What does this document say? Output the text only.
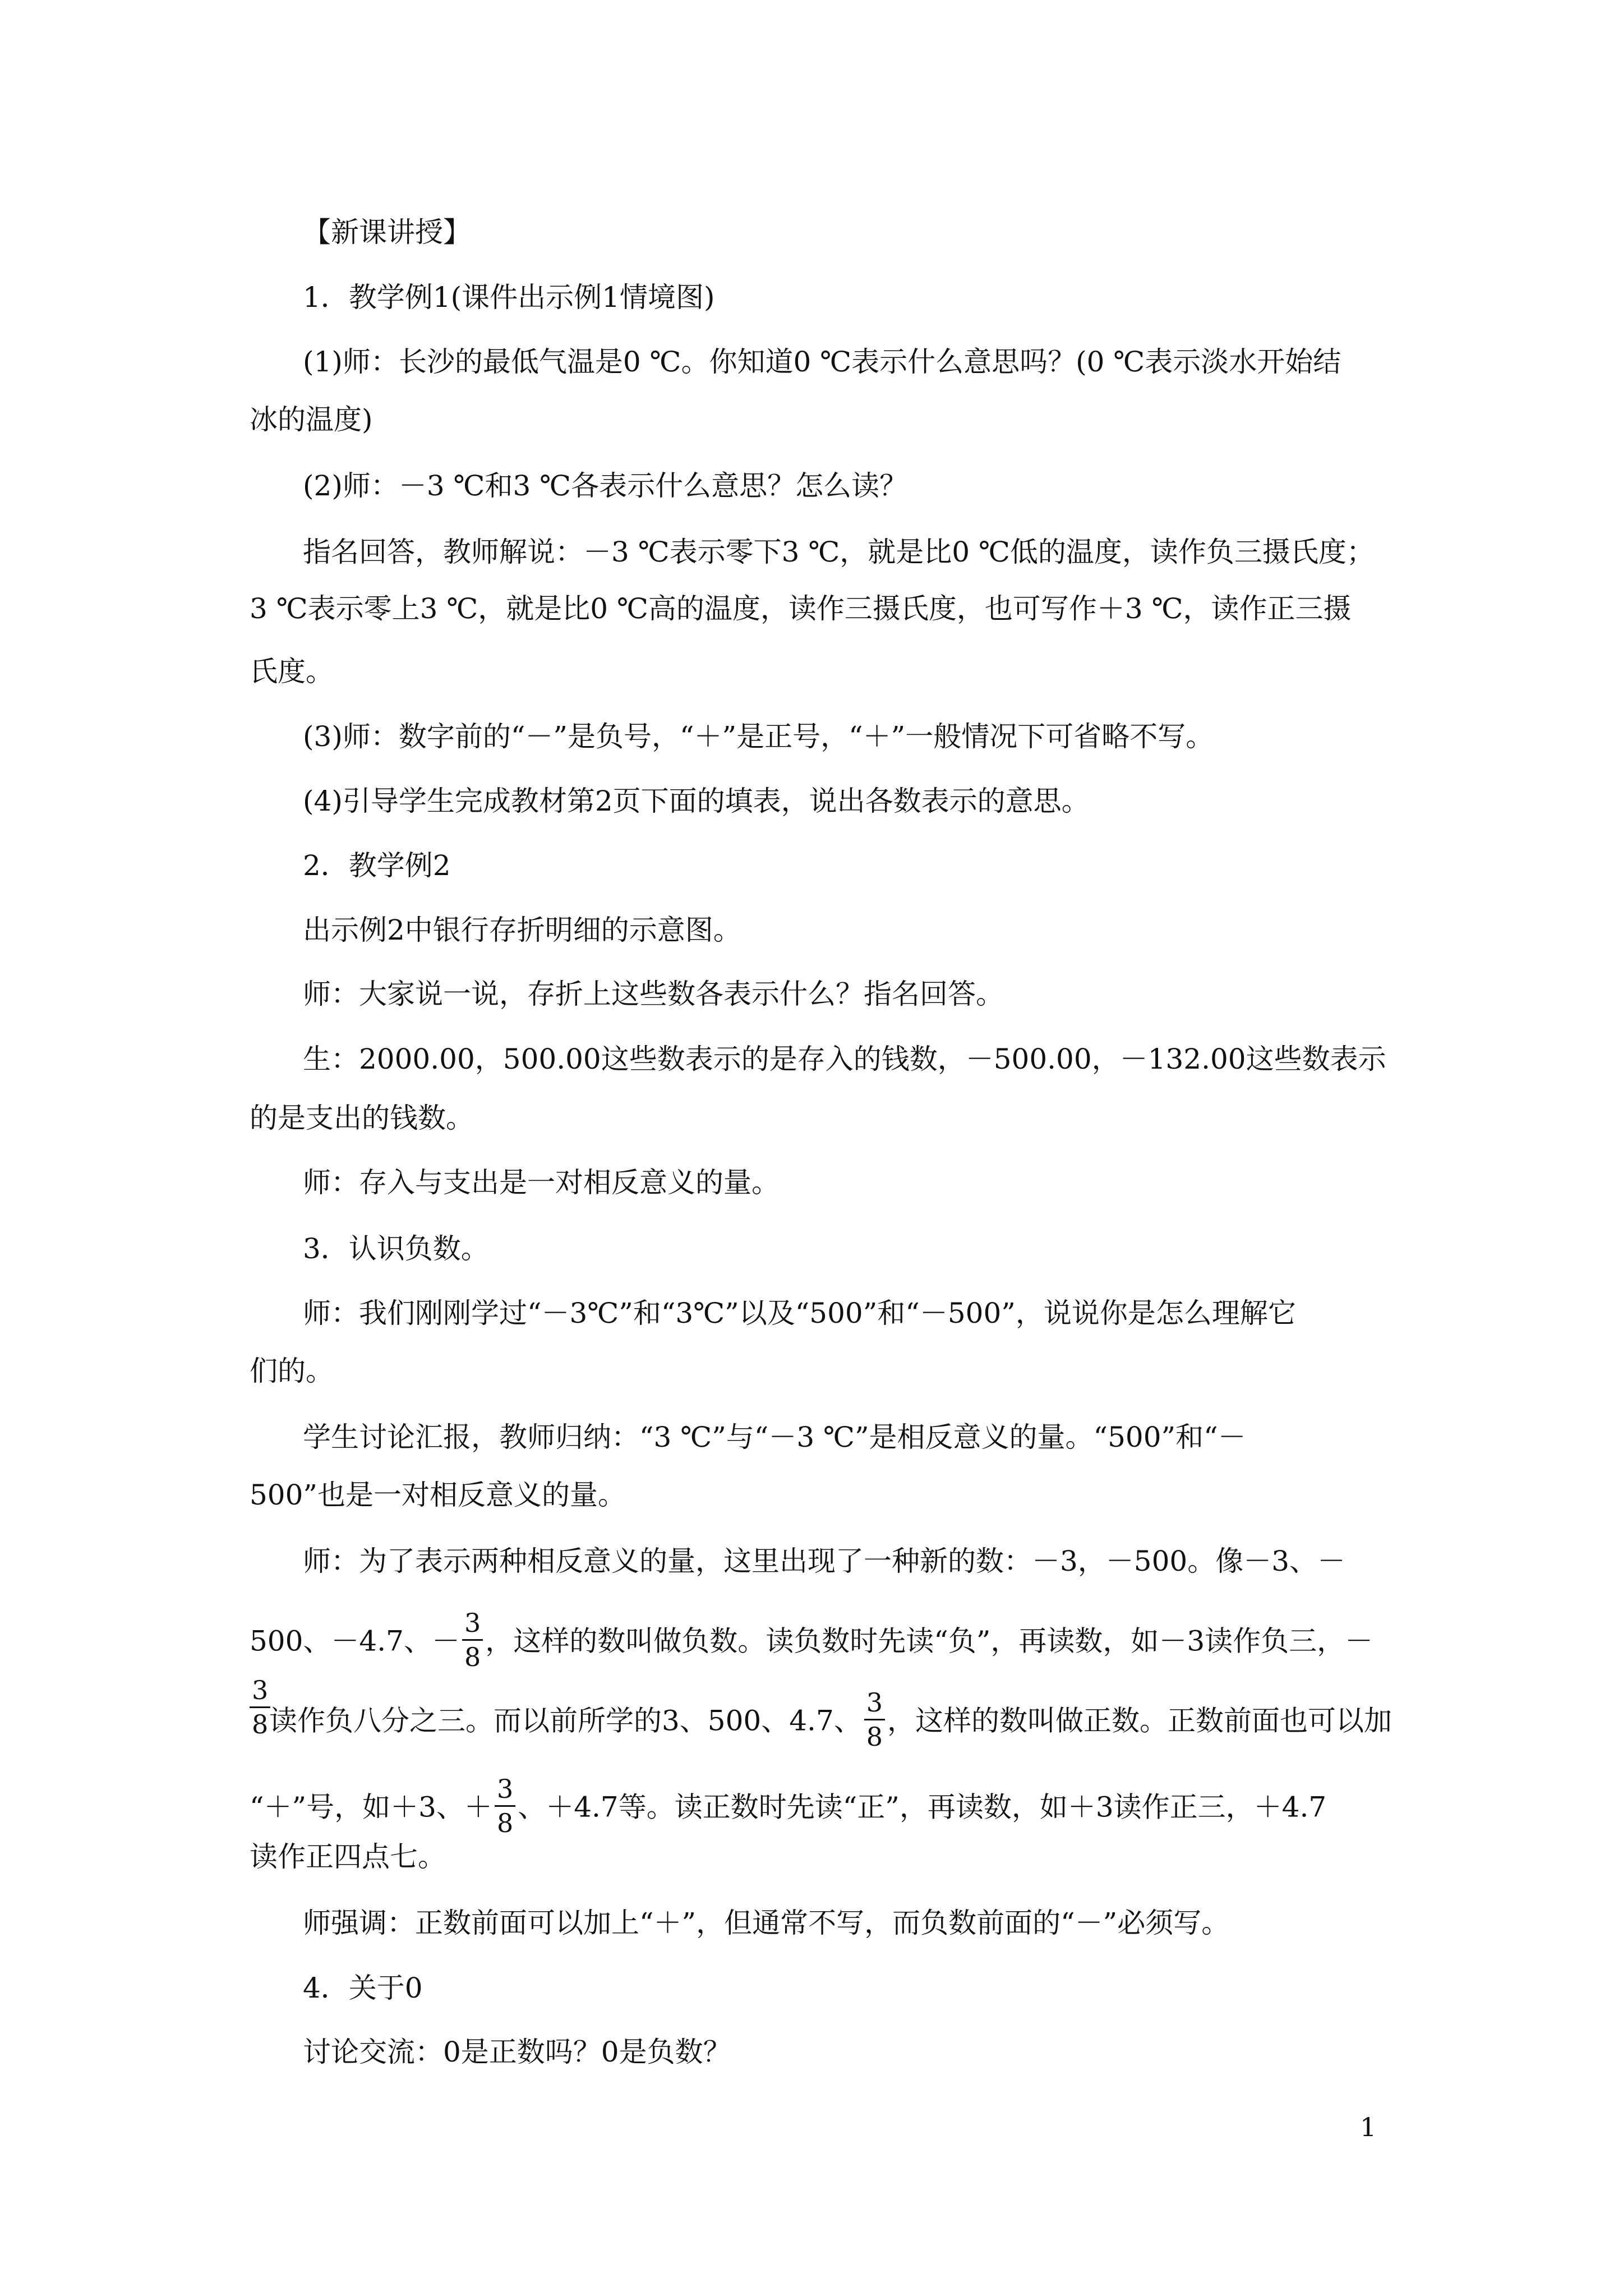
【新课讲授】
1．教学例1(课件出示例1情境图)
(1)师：长沙的最低气温是0 ℃。你知道0 ℃表示什么意思吗？(0 ℃表示淡水开始结
冰的温度)
(2)师：－3 ℃和3 ℃各表示什么意思？怎么读？
指名回答，教师解说：－3 ℃表示零下3 ℃，就是比0 ℃低的温度，读作负三摄氏度；
3 ℃表示零上3 ℃，就是比0 ℃高的温度，读作三摄氏度，也可写作＋3 ℃，读作正三摄
氏度。
(3)师：数字前的“－”是负号，“＋”是正号，“＋”一般情况下可省略不写。
(4)引导学生完成教材第2页下面的填表，说出各数表示的意思。
2．教学例2
出示例2中银行存折明细的示意图。
师：大家说一说，存折上这些数各表示什么？指名回答。
生：2000.00，500.00这些数表示的是存入的钱数，－500.00，－132.00这些数表示
的是支出的钱数。
师：存入与支出是一对相反意义的量。
3．认识负数。
师：我们刚刚学过“－3℃”和“3℃”以及“500”和“－500”，说说你是怎么理解它
们的。
学生讨论汇报，教师归纳：“3 ℃”与“－3 ℃”是相反意义的量。“500”和“－
500”也是一对相反意义的量。
师：为了表示两种相反意义的量，这里出现了一种新的数：－3，－500。像－3、－
500、－4.7、－ $\frac{3}{8}$ ，这样的数叫做负数。读负数时先读“负”，再读数，如－3读作负三，－
$\frac{3}{8}$
读作负八分之三。而以前所学的3、500、4.7、 $\frac{3}{8}$ ，这样的数叫做正数。正数前面也可以加
“＋”号，如＋3、＋ $\frac{3}{8}$ 、＋4.7等。读正数时先读“正”，再读数，如＋3读作正三，＋4.7
读作正四点七。
师强调：正数前面可以加上“＋”，但通常不写，而负数前面的“－”必须写。
4．关于0
讨论交流：0是正数吗？0是负数？
1
